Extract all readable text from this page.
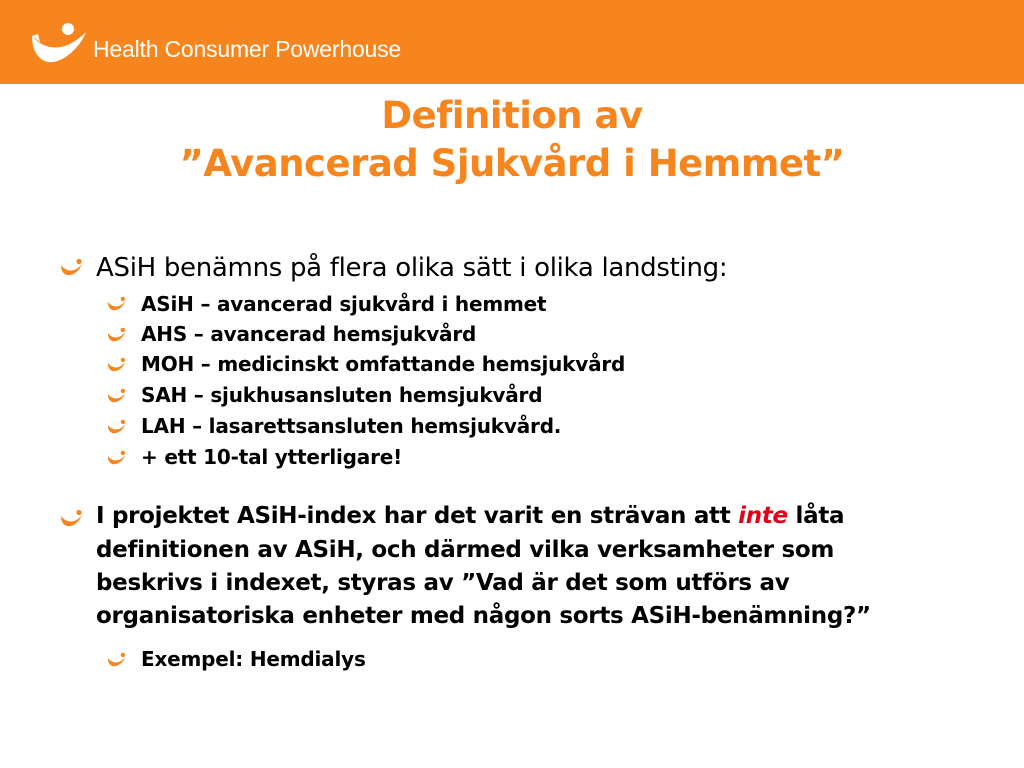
Health Consumer Powerhouse
Definition av
”Avancerad Sjukvård i Hemmet”
ASiH benämns på flera olika sätt i olika landsting:
ASiH – avancerad sjukvård i hemmet
AHS – avancerad hemsjukvård
MOH – medicinskt omfattande hemsjukvård
SAH – sjukhusansluten hemsjukvård
LAH – lasarettsansluten hemsjukvård.
+ ett 10-tal ytterligare!
I projektet ASiH-index har det varit en strävan att inte låta
definitionen av ASiH, och därmed vilka verksamheter som
beskrivs i indexet, styras av ”Vad är det som utförs av
organisatoriska enheter med någon sorts ASiH-benämning?”
Exempel: Hemdialys
